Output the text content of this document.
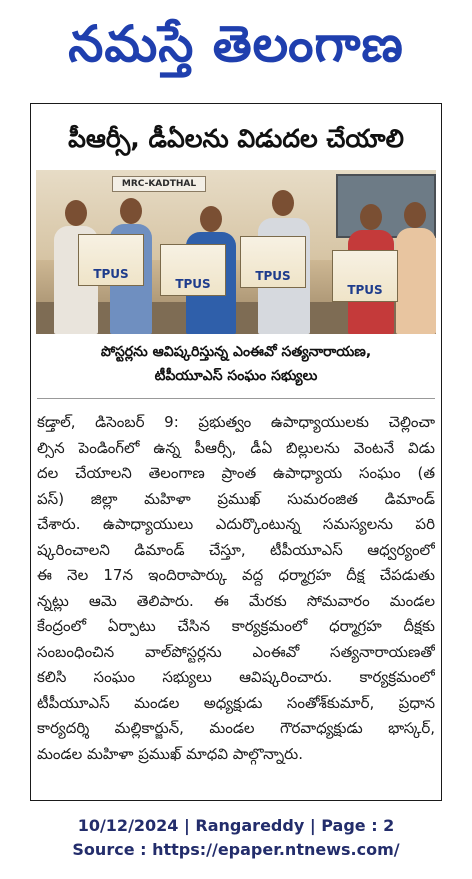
నమస్తే తెలంగాణ
పీఆర్సీ, డీఏలను విడుదల చేయాలి
MRC-KADTHAL
TPUS
TPUS
TPUS
TPUS
పోస్టర్లను ఆవిష్కరిస్తున్న ఎంఈవో సత్యనారాయణ,
టీపీయూఎస్ సంఘం సభ్యులు
కడ్తాల్, డిసెంబర్ 9: ప్రభుత్వం ఉపాధ్యాయులకు చెల్లించా
ల్సిన పెండింగ్‌లో ఉన్న పీఆర్సీ, డీఏ బిల్లులను వెంటనే విడు
దల చేయాలని తెలంగాణ ప్రాంత ఉపాధ్యాయ సంఘం (త
పస్) జిల్లా మహిళా ప్రముఖ్ సుమరంజిత డిమాండ్
చేశారు. ఉపాధ్యాయులు ఎదుర్కొంటున్న సమస్యలను పరి
ష్కరించాలని డిమాండ్ చేస్తూ, టీపీయూఎస్ ఆధ్వర్యంలో
ఈ నెల 17న ఇందిరాపార్కు వద్ద ధర్మాగ్రహ దీక్ష చేపడుతు
న్నట్లు ఆమె తెలిపారు. ఈ మేరకు సోమవారం మండల
కేంద్రంలో ఏర్పాటు చేసిన కార్యక్రమంలో ధర్మాగ్రహ దీక్షకు
సంబంధించిన వాల్‌పోస్టర్లను ఎంఈవో సత్యనారాయణతో
కలిసి సంఘం సభ్యులు ఆవిష్కరించారు. కార్యక్రమంలో
టీపీయూఎస్ మండల అధ్యక్షుడు సంతోశ్‌కుమార్, ప్రధాన
కార్యదర్శి మల్లికార్జున్, మండల గౌరవాధ్యక్షుడు భాస్కర్,
మండల మహిళా ప్రముఖ్ మాధవి పాల్గొన్నారు.
10/12/2024 | Rangareddy | Page : 2
Source : https://epaper.ntnews.com/
